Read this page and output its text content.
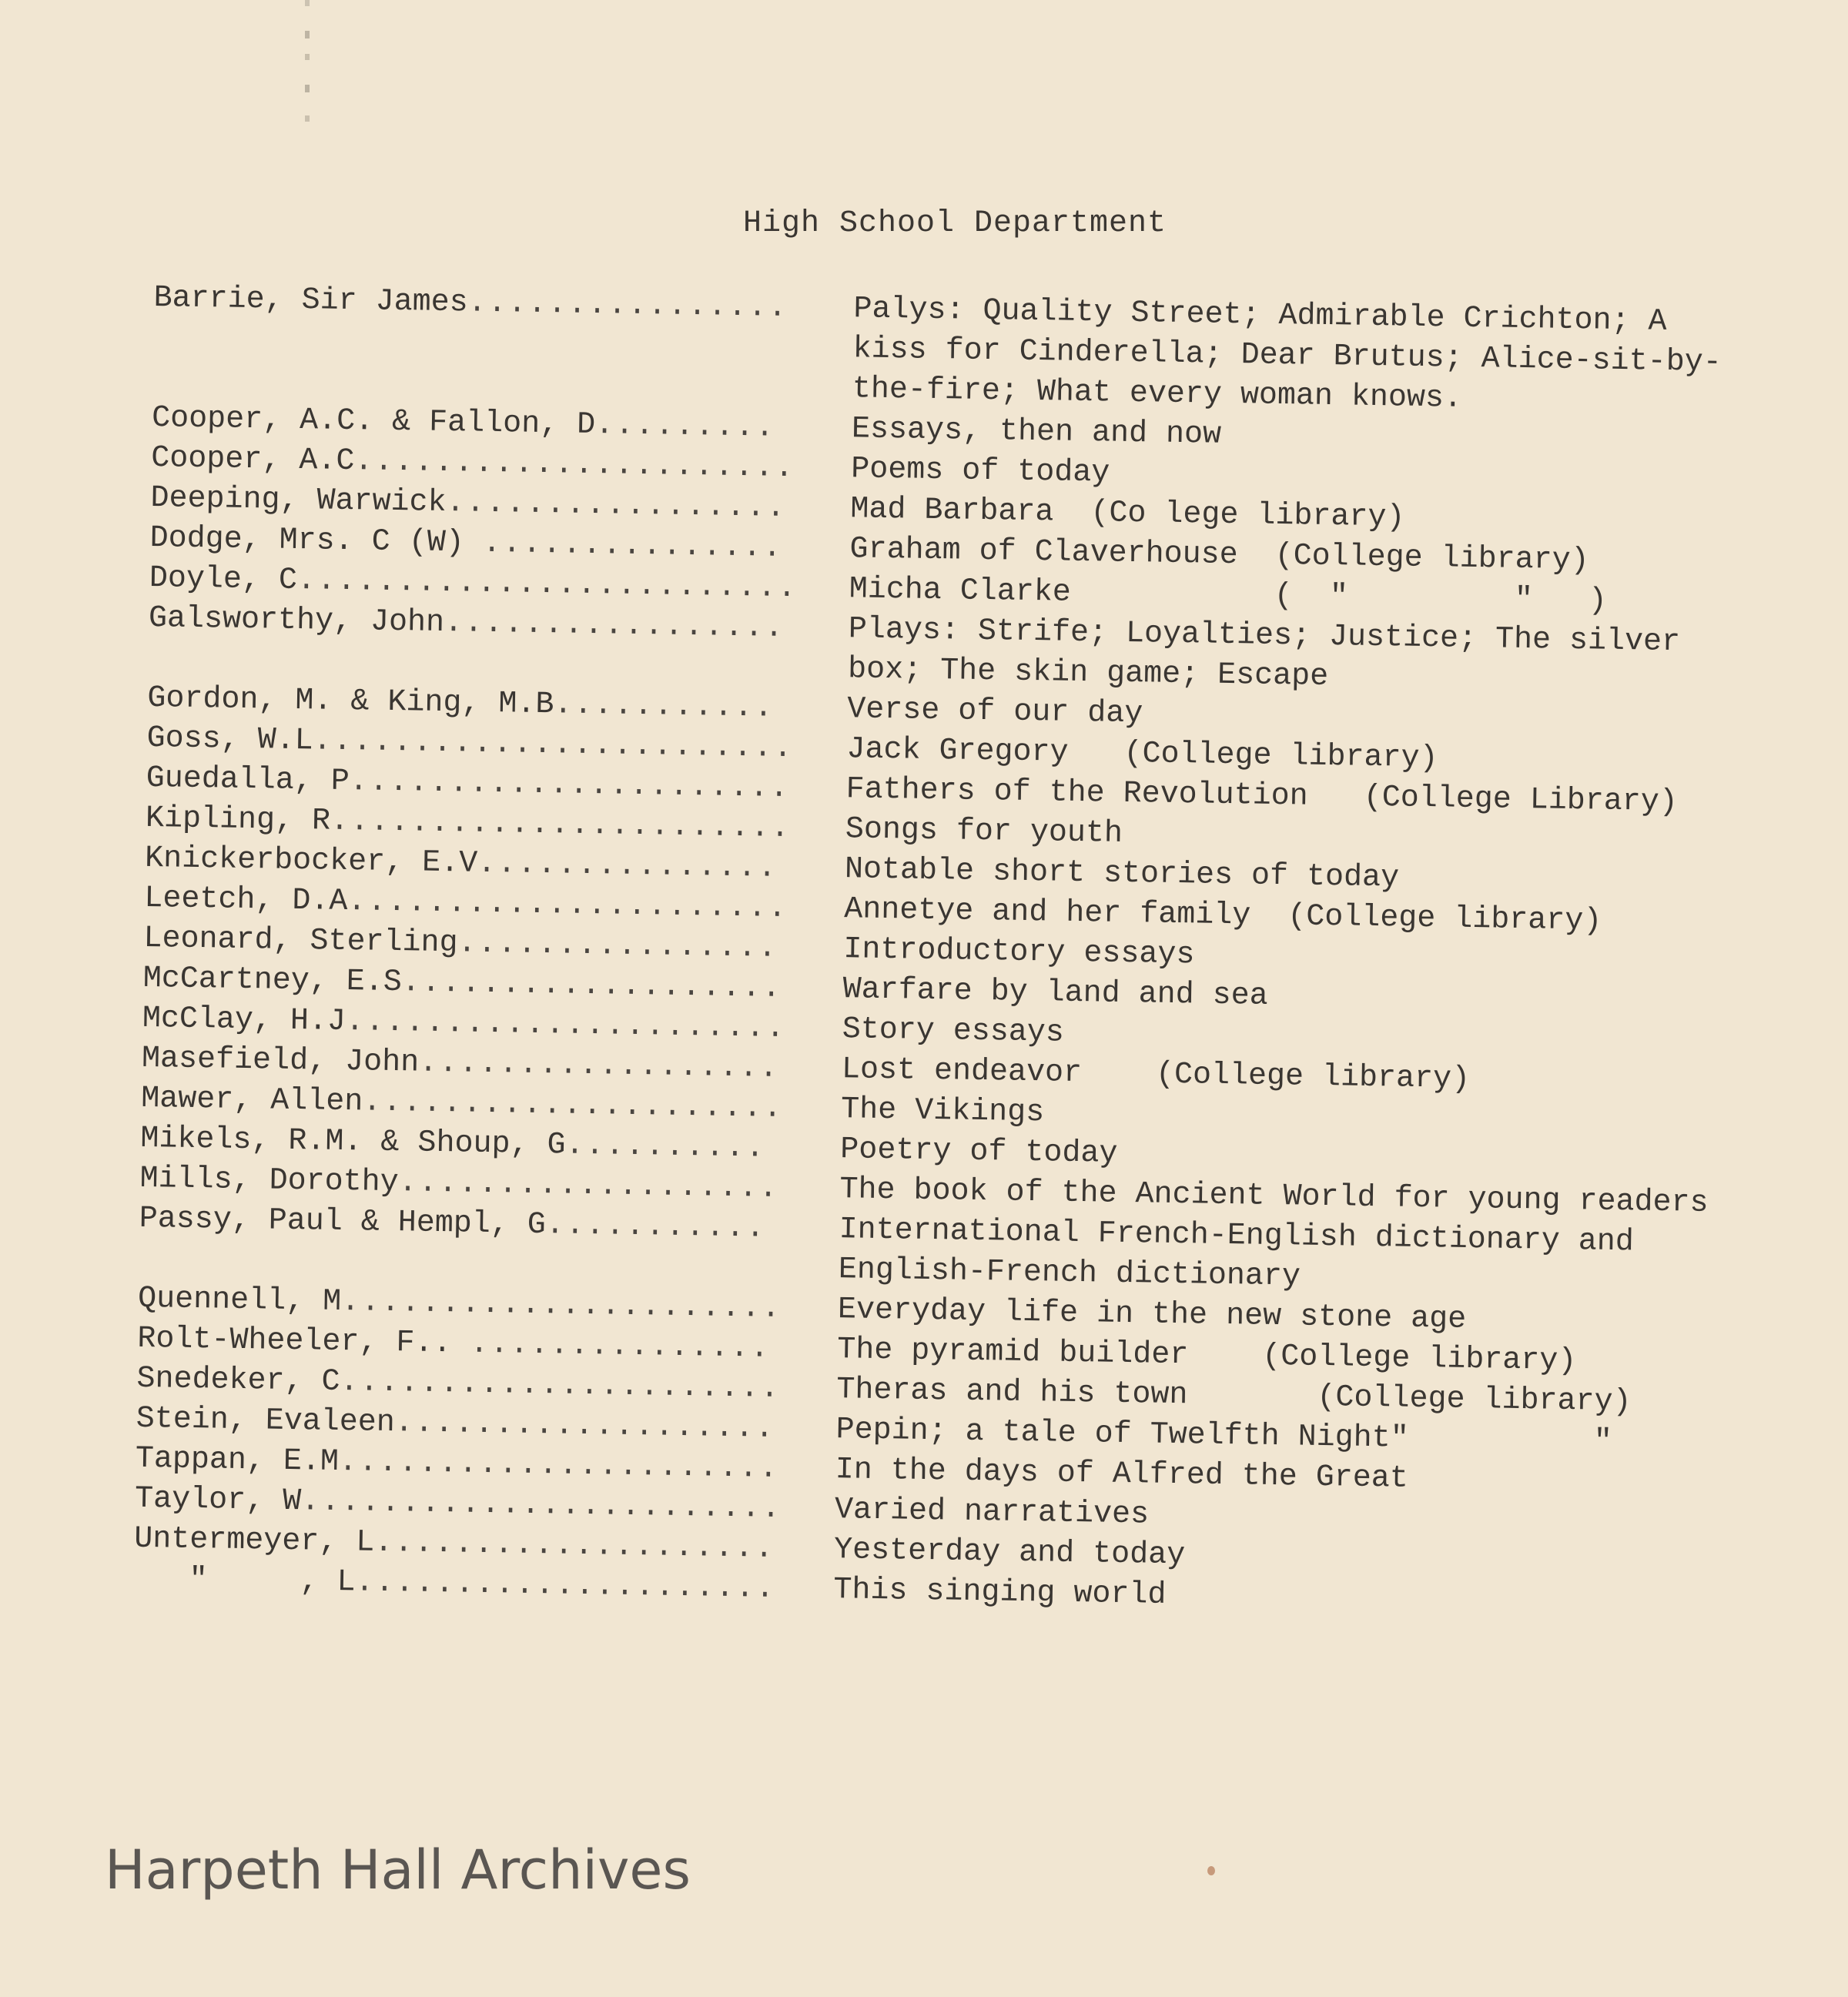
High School Department
Barrie, Sir James................	Palys: Quality Street; Admirable Crichton; A kiss for Cinderella; Dear Brutus; Alice-sit-by-the-fire; What every woman knows.
Cooper, A.C. & Fallon, D.........	Essays, then and now
Cooper, A.C......................	Poems of today
Deeping, Warwick.................	Mad Barbara  (Co lege library)
Dodge, Mrs. C (W) ...............	Graham of Claverhouse  (College library)
Doyle, C.........................	Micha Clarke           (  "         "   )
Galsworthy, John.................	Plays: Strife; Loyalties; Justice; The silver box; The skin game; Escape
Gordon, M. & King, M.B...........	Verse of our day
Goss, W.L........................	Jack Gregory   (College library)
Guedalla, P......................	Fathers of the Revolution   (College Library)
Kipling, R.......................	Songs for youth
Knickerbocker, E.V...............	Notable short stories of today
Leetch, D.A......................	Annetye and her family  (College library)
Leonard, Sterling................	Introductory essays
McCartney, E.S...................	Warfare by land and sea
McClay, H.J......................	Story essays
Masefield, John..................	Lost endeavor    (College library)
Mawer, Allen.....................	The Vikings
Mikels, R.M. & Shoup, G..........	Poetry of today
Mills, Dorothy...................	The book of the Ancient World for young readers
Passy, Paul & Hempl, G...........	International French-English dictionary and English-French dictionary
Quennell, M......................	Everyday life in the new stone age
Rolt-Wheeler, F.. ...............	The pyramid builder    (College library)
Snedeker, C......................	Theras and his town       (College library)
Stein, Evaleen...................	Pepin; a tale of Twelfth Night"          "
Tappan, E.M......................	In the days of Alfred the Great
Taylor, W........................	Varied narratives
Untermeyer, L....................	Yesterday and today
"     , L.....................	This singing world
Harpeth Hall Archives
